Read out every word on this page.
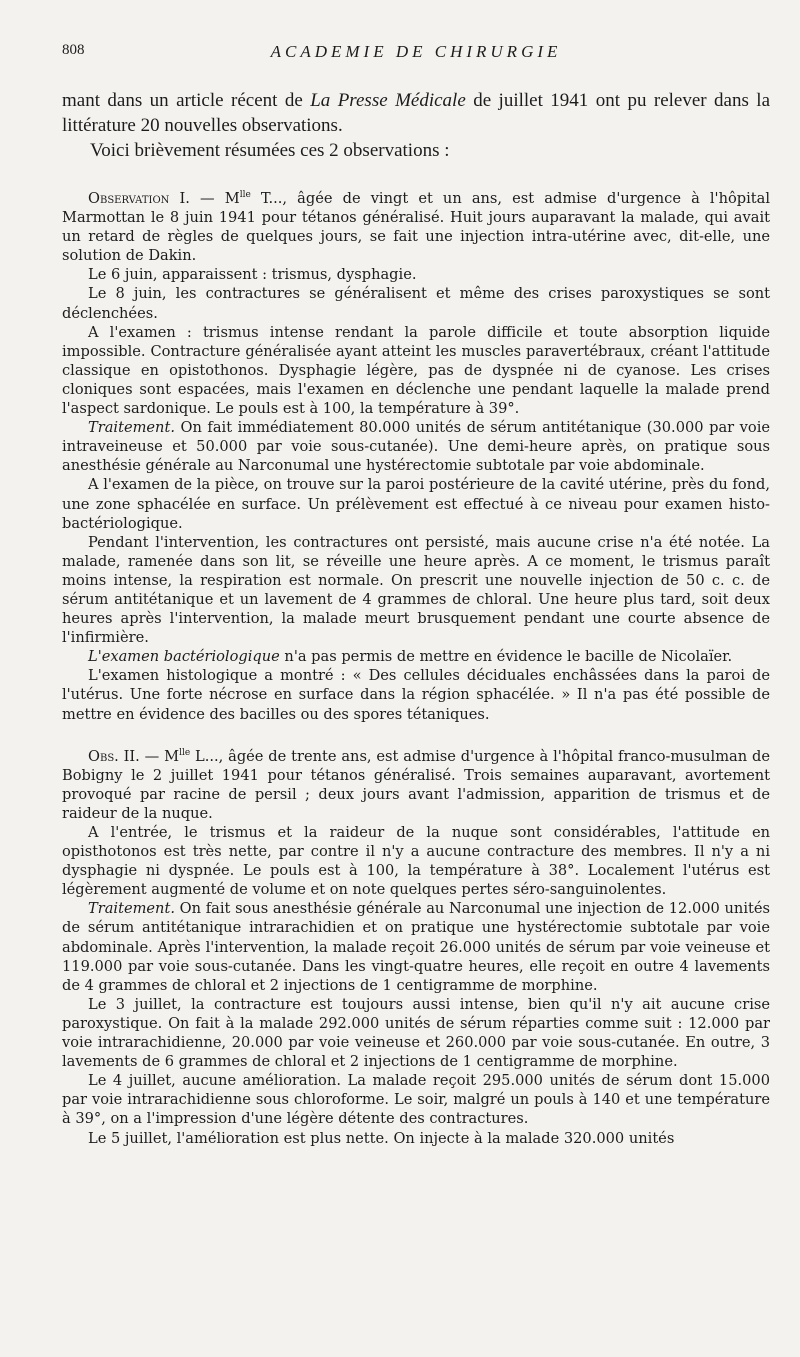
808	ACADEMIE DE CHIRURGIE

mant dans un article récent de La Presse Médicale de juillet 1941 ont pu relever dans la littérature 20 nouvelles observations.

Voici brièvement résumées ces 2 observations :

Observation I. — $M^{lle}$ T..., âgée de vingt et un ans, est admise d'urgence à l'hôpital Marmottan le 8 juin 1941 pour tétanos généralisé. Huit jours auparavant la malade, qui avait un retard de règles de quelques jours, se fait une injection intra-utérine avec, dit-elle, une solution de Dakin.

Le 6 juin, apparaissent : trismus, dysphagie.

Le 8 juin, les contractures se généralisent et même des crises paroxystiques se sont déclenchées.

A l'examen : trismus intense rendant la parole difficile et toute absorption liquide impossible. Contracture généralisée ayant atteint les muscles paravertébraux, créant l'attitude classique en opistothonos. Dysphagie légère, pas de dyspnée ni de cyanose. Les crises cloniques sont espacées, mais l'examen en déclenche une pendant laquelle la malade prend l'aspect sardonique. Le pouls est à 100, la température à 39°.

Traitement. On fait immédiatement 80.000 unités de sérum antitétanique (30.000 par voie intraveineuse et 50.000 par voie sous-cutanée). Une demi-heure après, on pratique sous anesthésie générale au Narconumal une hystérectomie subtotale par voie abdominale.

A l'examen de la pièce, on trouve sur la paroi postérieure de la cavité utérine, près du fond, une zone sphacélée en surface. Un prélèvement est effectué à ce niveau pour examen histo-bactériologique.

Pendant l'intervention, les contractures ont persisté, mais aucune crise n'a été notée. La malade, ramenée dans son lit, se réveille une heure après. A ce moment, le trismus paraît moins intense, la respiration est normale. On prescrit une nouvelle injection de 50 c. c. de sérum antitétanique et un lavement de 4 grammes de chloral. Une heure plus tard, soit deux heures après l'intervention, la malade meurt brusquement pendant une courte absence de l'infirmière.

L'examen bactériologique n'a pas permis de mettre en évidence le bacille de Nicolaïer.

L'examen histologique a montré : « Des cellules déciduales enchâssées dans la paroi de l'utérus. Une forte nécrose en surface dans la région sphacélée. » Il n'a pas été possible de mettre en évidence des bacilles ou des spores tétaniques.

Obs. II. — $M^{lle}$ L..., âgée de trente ans, est admise d'urgence à l'hôpital franco-musulman de Bobigny le 2 juillet 1941 pour tétanos généralisé. Trois semaines auparavant, avortement provoqué par racine de persil ; deux jours avant l'admission, apparition de trismus et de raideur de la nuque.

A l'entrée, le trismus et la raideur de la nuque sont considérables, l'attitude en opisthotonos est très nette, par contre il n'y a aucune contracture des membres. Il n'y a ni dysphagie ni dyspnée. Le pouls est à 100, la température à 38°. Localement l'utérus est légèrement augmenté de volume et on note quelques pertes séro-sanguinolentes.

Traitement. On fait sous anesthésie générale au Narconumal une injection de 12.000 unités de sérum antitétanique intrarachidien et on pratique une hystérectomie subtotale par voie abdominale. Après l'intervention, la malade reçoit 26.000 unités de sérum par voie veineuse et 119.000 par voie sous-cutanée. Dans les vingt-quatre heures, elle reçoit en outre 4 lavements de 4 grammes de chloral et 2 injections de 1 centigramme de morphine.

Le 3 juillet, la contracture est toujours aussi intense, bien qu'il n'y ait aucune crise paroxystique. On fait à la malade 292.000 unités de sérum réparties comme suit : 12.000 par voie intrarachidienne, 20.000 par voie veineuse et 260.000 par voie sous-cutanée. En outre, 3 lavements de 6 grammes de chloral et 2 injections de 1 centigramme de morphine.

Le 4 juillet, aucune amélioration. La malade reçoit 295.000 unités de sérum dont 15.000 par voie intrarachidienne sous chloroforme. Le soir, malgré un pouls à 140 et une température à 39°, on a l'impression d'une légère détente des contractures.

Le 5 juillet, l'amélioration est plus nette. On injecte à la malade 320.000 unités
